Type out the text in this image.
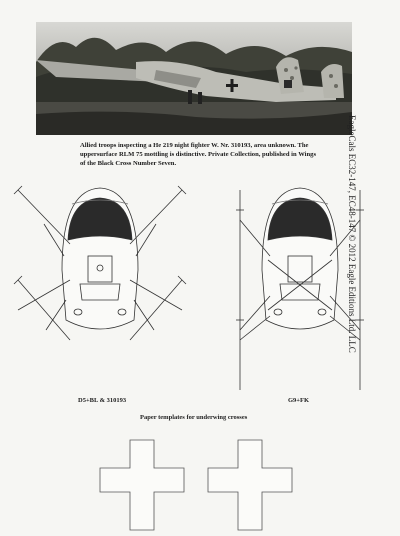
Allied troops inspecting a He 219 night fighter W. Nr. 310193, area unknown. The uppersurface RLM 75 mottling is distinctive. Private Collection, published in Wings of the Black Cross Number Seven.	EagleCals EC32-147, EC48-147 © 2012 Eagle Editions Ltd. LLC
D5+BL & 310193	G9+FK
Paper templates for underwing crosses
